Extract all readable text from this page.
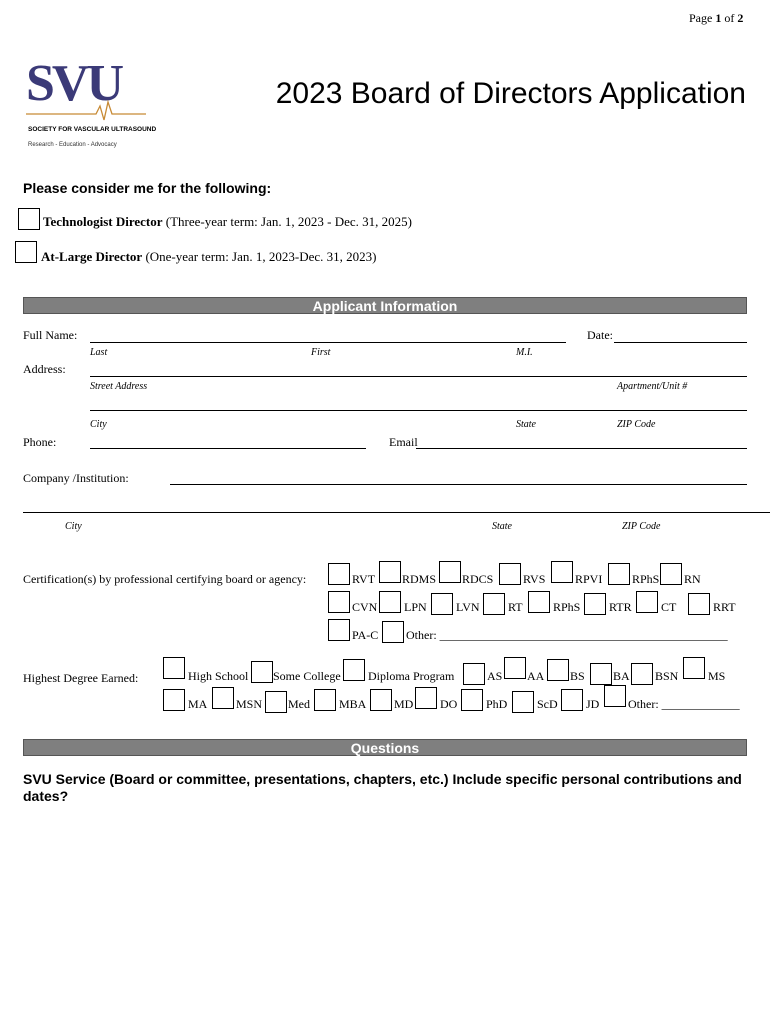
Page 1 of 2
SVU
SOCIETY FOR VASCULAR ULTRASOUND
Research - Education - Advocacy
2023 Board of Directors Application
Please consider me for the following:
Technologist Director (Three-year term: Jan. 1, 2023 - Dec. 31, 2025)
At-Large Director (One-year term: Jan. 1, 2023-Dec. 31, 2023)
Applicant Information
Full Name:	Date:
Last	First	M.I.
Address:
Street Address	Apartment/Unit #
City	State	ZIP Code
Phone:	Email
Company /Institution:
City	State	ZIP Code
Certification(s) by professional certifying board or agency:	RVT RDMS RDCS RVS RPVI RPhS RN
CVN LPN LVN RT	RPhS RTR CT	RRT
PA-C Other: ________________________________________________
Highest Degree Earned:	High School Some College Diploma Program	AS AA BS BA BSN MS
MA MSN Med MBA MD DO PhD ScD JD Other: _____________
Questions
SVU Service (Board or committee, presentations, chapters, etc.) Include specific personal contributions and dates?
